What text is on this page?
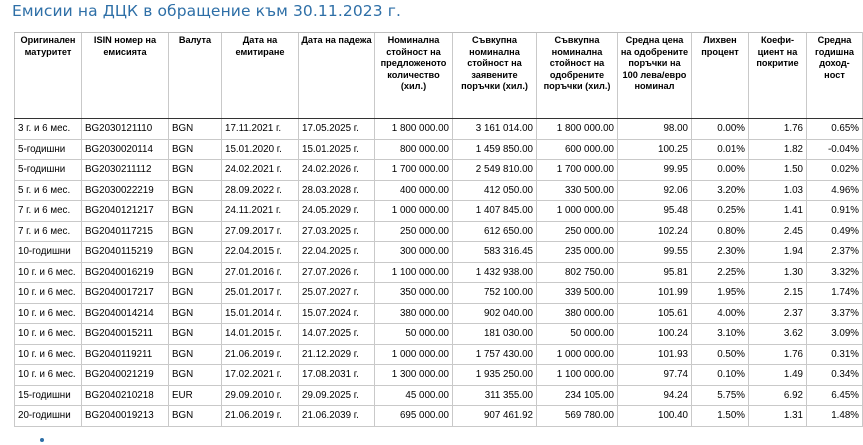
Емисии на ДЦК в обращение към 30.11.2023 г.
Оригинален матуритет	ISIN номер на емисията	Валута	Дата на емитиране	Дата на падежа	Номинална стойност на предложеното количество (хил.)	Съвкупна номинална стойност на заявените поръчки (хил.)	Съвкупна номинална стойност на одобрените поръчки (хил.)	Средна цена на одобрените поръчки на 100 лева/евро номинал	Лихвен процент	Коефи-циент на покритие	Средна годишна доход-ност
3 г. и 6 мес.	BG2030121110	BGN	17.11.2021 г.	17.05.2025 г.	1 800 000.00	3 161 014.00	1 800 000.00	98.00	0.00%	1.76	0.65%
5-годишни	BG2030020114	BGN	15.01.2020 г.	15.01.2025 г.	800 000.00	1 459 850.00	600 000.00	100.25	0.01%	1.82	-0.04%
5-годишни	BG2030211112	BGN	24.02.2021 г.	24.02.2026 г.	1 700 000.00	2 549 810.00	1 700 000.00	99.95	0.00%	1.50	0.02%
5 г. и 6 мес.	BG2030022219	BGN	28.09.2022 г.	28.03.2028 г.	400 000.00	412 050.00	330 500.00	92.06	3.20%	1.03	4.96%
7 г. и 6 мес.	BG2040121217	BGN	24.11.2021 г.	24.05.2029 г.	1 000 000.00	1 407 845.00	1 000 000.00	95.48	0.25%	1.41	0.91%
7 г. и 6 мес.	BG2040117215	BGN	27.09.2017 г.	27.03.2025 г.	250 000.00	612 650.00	250 000.00	102.24	0.80%	2.45	0.49%
10-годишни	BG2040115219	BGN	22.04.2015 г.	22.04.2025 г.	300 000.00	583 316.45	235 000.00	99.55	2.30%	1.94	2.37%
10 г. и 6 мес.	BG2040016219	BGN	27.01.2016 г.	27.07.2026 г.	1 100 000.00	1 432 938.00	802 750.00	95.81	2.25%	1.30	3.32%
10 г. и 6 мес.	BG2040017217	BGN	25.01.2017 г.	25.07.2027 г.	350 000.00	752 100.00	339 500.00	101.99	1.95%	2.15	1.74%
10 г. и 6 мес.	BG2040014214	BGN	15.01.2014 г.	15.07.2024 г.	380 000.00	902 040.00	380 000.00	105.61	4.00%	2.37	3.37%
10 г. и 6 мес.	BG2040015211	BGN	14.01.2015 г.	14.07.2025 г.	50 000.00	181 030.00	50 000.00	100.24	3.10%	3.62	3.09%
10 г. и 6 мес.	BG2040119211	BGN	21.06.2019 г.	21.12.2029 г.	1 000 000.00	1 757 430.00	1 000 000.00	101.93	0.50%	1.76	0.31%
10 г. и 6 мес.	BG2040021219	BGN	17.02.2021 г.	17.08.2031 г.	1 300 000.00	1 935 250.00	1 100 000.00	97.74	0.10%	1.49	0.34%
15-годишни	BG2040210218	EUR	29.09.2010 г.	29.09.2025 г.	45 000.00	311 355.00	234 105.00	94.24	5.75%	6.92	6.45%
20-годишни	BG2040019213	BGN	21.06.2019 г.	21.06.2039 г.	695 000.00	907 461.92	569 780.00	100.40	1.50%	1.31	1.48%
